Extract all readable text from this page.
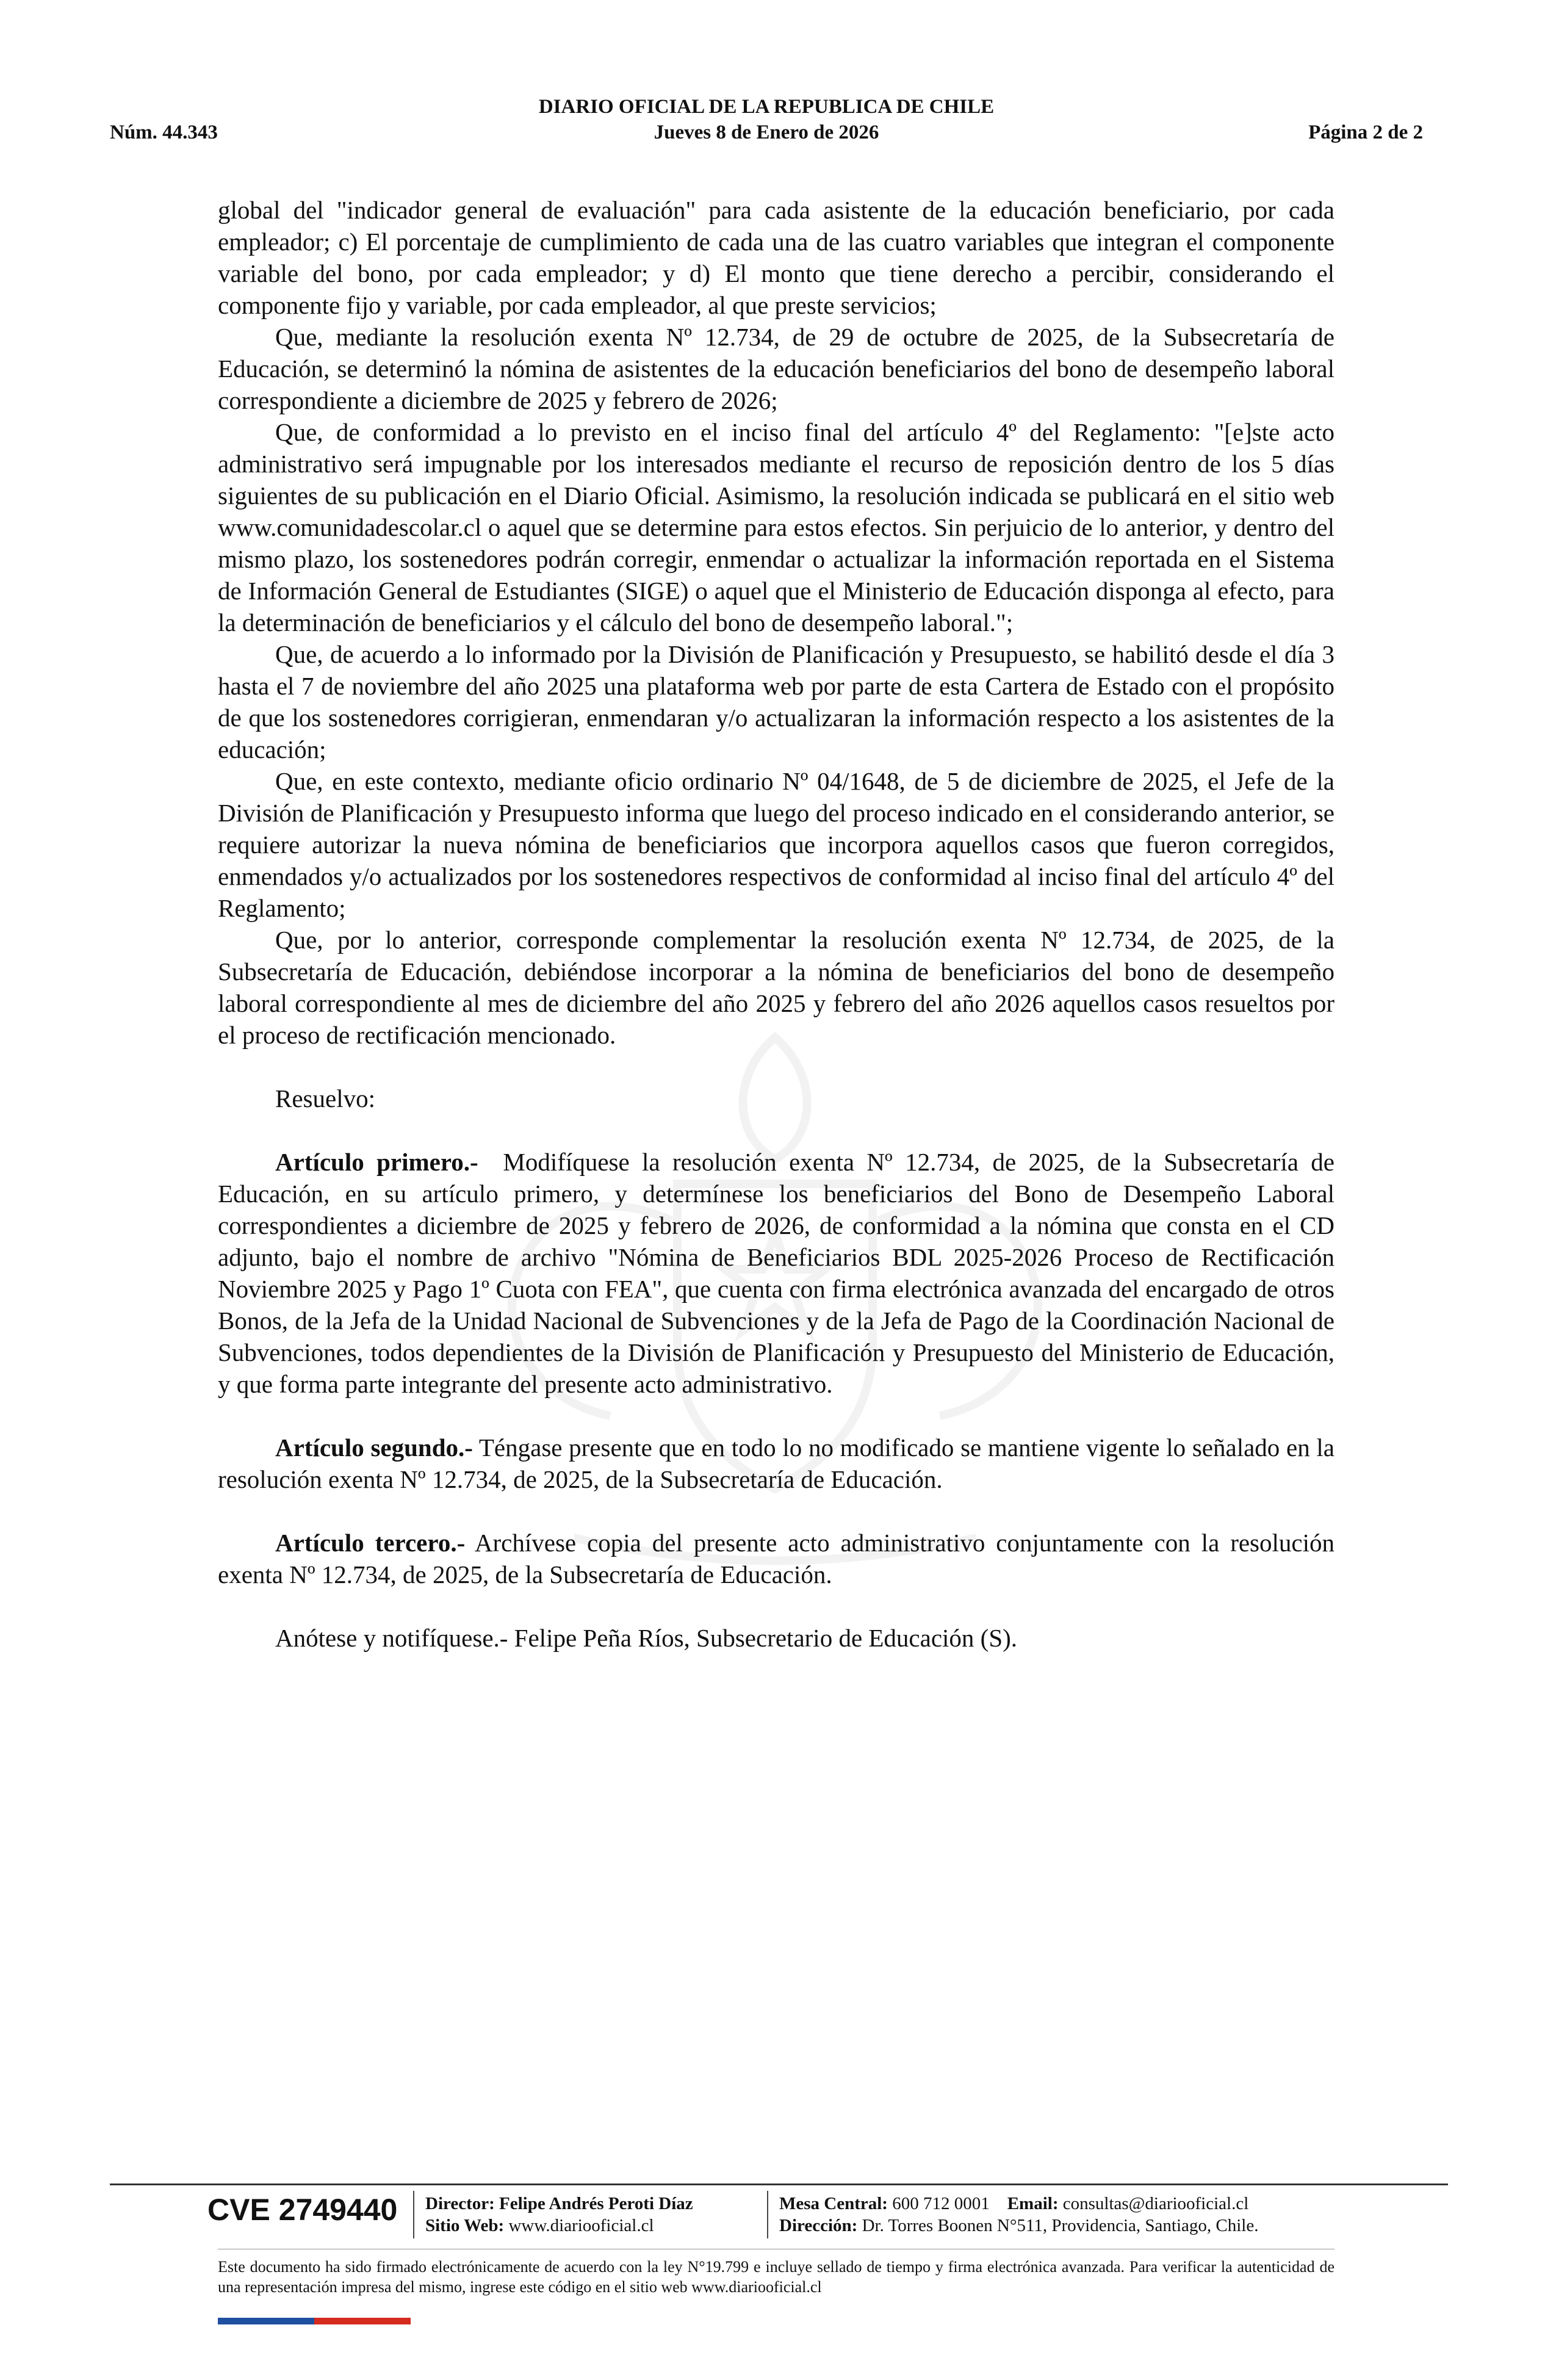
DIARIO OFICIAL DE LA REPUBLICA DE CHILE
Núm. 44.343	Jueves 8 de Enero de 2026	Página 2 de 2

global del "indicador general de evaluación" para cada asistente de la educación beneficiario, por cada empleador; c) El porcentaje de cumplimiento de cada una de las cuatro variables que integran el componente variable del bono, por cada empleador; y d) El monto que tiene derecho a percibir, considerando el componente fijo y variable, por cada empleador, al que preste servicios;

Que, mediante la resolución exenta Nº 12.734, de 29 de octubre de 2025, de la Subsecretaría de Educación, se determinó la nómina de asistentes de la educación beneficiarios del bono de desempeño laboral correspondiente a diciembre de 2025 y febrero de 2026;

Que, de conformidad a lo previsto en el inciso final del artículo 4º del Reglamento: "[e]ste acto administrativo será impugnable por los interesados mediante el recurso de reposición dentro de los 5 días siguientes de su publicación en el Diario Oficial. Asimismo, la resolución indicada se publicará en el sitio web www.comunidadescolar.cl o aquel que se determine para estos efectos. Sin perjuicio de lo anterior, y dentro del mismo plazo, los sostenedores podrán corregir, enmendar o actualizar la información reportada en el Sistema de Información General de Estudiantes (SIGE) o aquel que el Ministerio de Educación disponga al efecto, para la determinación de beneficiarios y el cálculo del bono de desempeño laboral.";

Que, de acuerdo a lo informado por la División de Planificación y Presupuesto, se habilitó desde el día 3 hasta el 7 de noviembre del año 2025 una plataforma web por parte de esta Cartera de Estado con el propósito de que los sostenedores corrigieran, enmendaran y/o actualizaran la información respecto a los asistentes de la educación;

Que, en este contexto, mediante oficio ordinario Nº 04/1648, de 5 de diciembre de 2025, el Jefe de la División de Planificación y Presupuesto informa que luego del proceso indicado en el considerando anterior, se requiere autorizar la nueva nómina de beneficiarios que incorpora aquellos casos que fueron corregidos, enmendados y/o actualizados por los sostenedores respectivos de conformidad al inciso final del artículo 4º del Reglamento;

Que, por lo anterior, corresponde complementar la resolución exenta Nº 12.734, de 2025, de la Subsecretaría de Educación, debiéndose incorporar a la nómina de beneficiarios del bono de desempeño laboral correspondiente al mes de diciembre del año 2025 y febrero del año 2026 aquellos casos resueltos por el proceso de rectificación mencionado.

Resuelvo:

Artículo primero.- Modifíquese la resolución exenta Nº 12.734, de 2025, de la Subsecretaría de Educación, en su artículo primero, y determínese los beneficiarios del Bono de Desempeño Laboral correspondientes a diciembre de 2025 y febrero de 2026, de conformidad a la nómina que consta en el CD adjunto, bajo el nombre de archivo "Nómina de Beneficiarios BDL 2025-2026 Proceso de Rectificación Noviembre 2025 y Pago 1º Cuota con FEA", que cuenta con firma electrónica avanzada del encargado de otros Bonos, de la Jefa de la Unidad Nacional de Subvenciones y de la Jefa de Pago de la Coordinación Nacional de Subvenciones, todos dependientes de la División de Planificación y Presupuesto del Ministerio de Educación, y que forma parte integrante del presente acto administrativo.

Artículo segundo.- Téngase presente que en todo lo no modificado se mantiene vigente lo señalado en la resolución exenta Nº 12.734, de 2025, de la Subsecretaría de Educación.

Artículo tercero.- Archívese copia del presente acto administrativo conjuntamente con la resolución exenta Nº 12.734, de 2025, de la Subsecretaría de Educación.

Anótese y notifíquese.- Felipe Peña Ríos, Subsecretario de Educación (S).

CVE 2749440 Director: Felipe Andrés Peroti Díaz
Sitio Web: www.diariooficial.cl
Mesa Central: 600 712 0001 Email: consultas@diariooficial.cl
Dirección: Dr. Torres Boonen N°511, Providencia, Santiago, Chile.
Este documento ha sido firmado electrónicamente de acuerdo con la ley N°19.799 e incluye sellado de tiempo y firma electrónica avanzada. Para verificar la autenticidad de una representación impresa del mismo, ingrese este código en el sitio web www.diariooficial.cl
